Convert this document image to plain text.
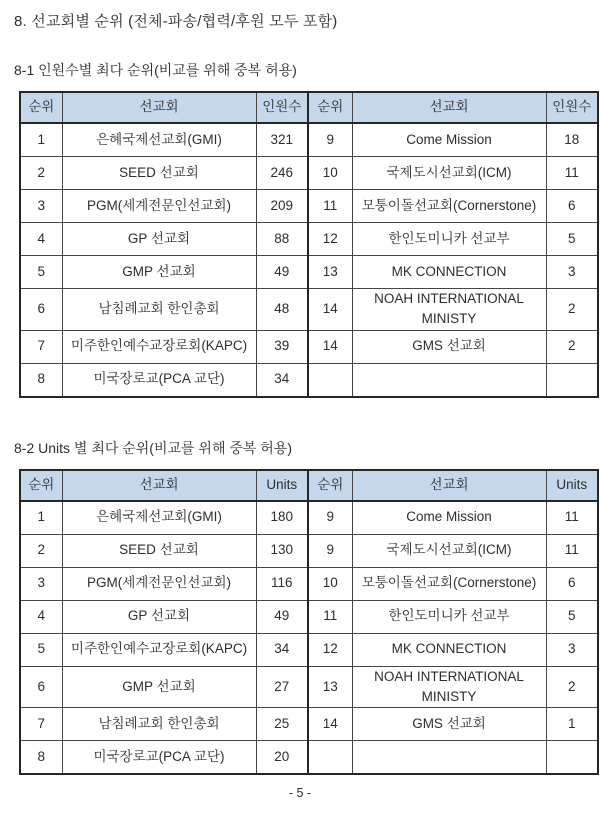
8. 선교회별 순위 (전체-파송/협력/후원 모두 포함)
8-1 인원수별 최다 순위(비교를 위해 중복 허용)
순위	선교회	인원수	순위	선교회	인원수
1	은혜국제선교회(GMI)	321	9	Come Mission	18
2	SEED 선교회	246	10	국제도시선교회(ICM)	11
3	PGM(세계전문인선교회)	209	11	모퉁이돌선교회(Cornerstone)	6
4	GP 선교회	88	12	한인도미니카 선교부	5
5	GMP 선교회	49	13	MK CONNECTION	3
6	남침례교회 한인총회	48	14	NOAH INTERNATIONAL MINISTY	2
7	미주한인예수교장로회(KAPC)	39	14	GMS 선교회	2
8	미국장로교(PCA 교단)	34			
8-2 Units 별 최다 순위(비교를 위해 중복 허용)
순위	선교회	Units	순위	선교회	Units
1	은혜국제선교회(GMI)	180	9	Come Mission	11
2	SEED 선교회	130	9	국제도시선교회(ICM)	11
3	PGM(세계전문인선교회)	116	10	모퉁이돌선교회(Cornerstone)	6
4	GP 선교회	49	11	한인도미니카 선교부	5
5	미주한인예수교장로회(KAPC)	34	12	MK CONNECTION	3
6	GMP 선교회	27	13	NOAH INTERNATIONAL MINISTY	2
7	남침례교회 한인총회	25	14	GMS 선교회	1
8	미국장로교(PCA 교단)	20			
- 5 -
